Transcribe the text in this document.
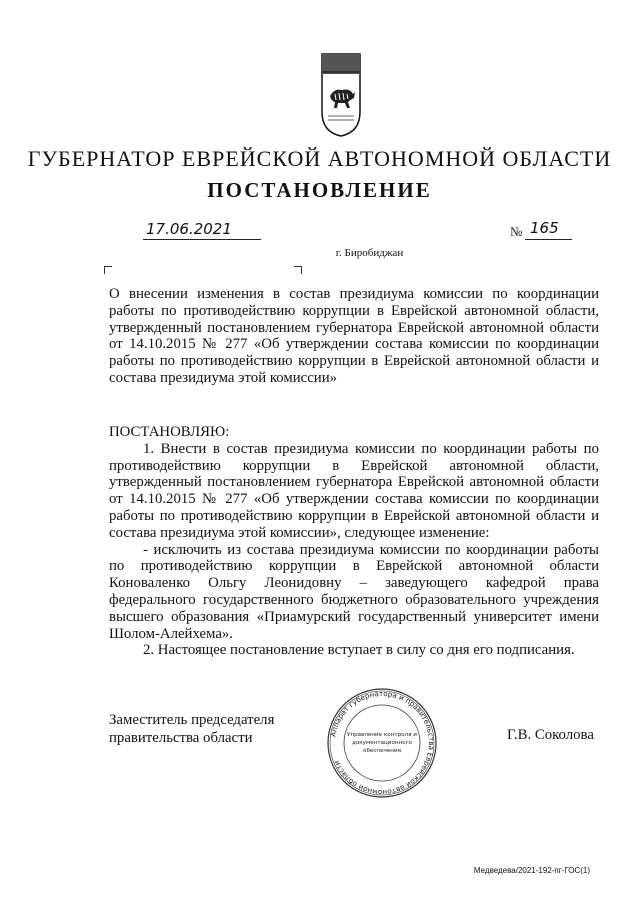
ГУБЕРНАТОР ЕВРЕЙСКОЙ АВТОНОМНОЙ ОБЛАСТИ
ПОСТАНОВЛЕНИЕ
17.06.2021	№ 165
г. Биробиджан
О внесении изменения в состав президиума комиссии по координации
работы по противодействию коррупции в Еврейской автономной области,
утвержденный постановлением губернатора Еврейской автономной области
от 14.10.2015 № 277 «Об утверждении состава комиссии по координации
работы по противодействию коррупции в Еврейской автономной области и
состава президиума этой комиссии»
ПОСТАНОВЛЯЮ:
1. Внести в состав президиума комиссии по координации работы по
противодействию коррупции в Еврейской автономной области,
утвержденный постановлением губернатора Еврейской автономной области
от 14.10.2015 № 277 «Об утверждении состава комиссии по координации
работы по противодействию коррупции в Еврейской автономной области и
состава президиума этой комиссии», следующее изменение:
- исключить из состава президиума комиссии по координации работы
по противодействию коррупции в Еврейской автономной области
Коноваленко Ольгу Леонидовну – заведующего кафедрой права
федерального государственного бюджетного образовательного учреждения
высшего образования «Приамурский государственный университет имени
Шолом-Алейхема».
2. Настоящее постановление вступает в силу со дня его подписания.
Заместитель председателя
правительства области	Г.В. Соколова
Аппарат губернатора и правительства Еврейской автономной области
Управление контроля и
документационного
обеспечения
Медведева/2021-192-пг-ГОС(1)
